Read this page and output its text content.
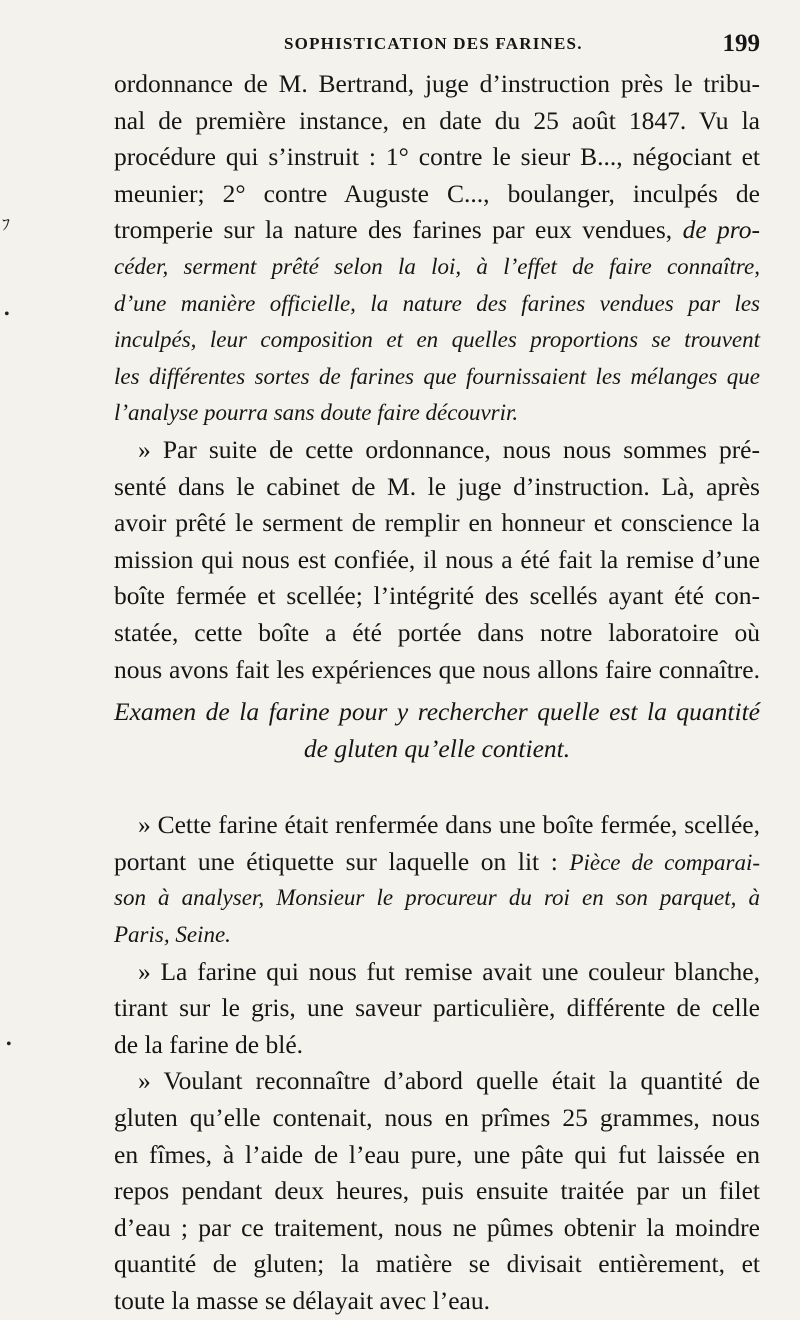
SOPHISTICATION DES FARINES.	199
ﾌ
•
•
ordonnance de M. Bertrand, juge d’instruction près le tribu-
nal de première instance, en date du 25 août 1847. Vu la
procédure qui s’instruit : 1° contre le sieur B..., négociant et
meunier; 2° contre Auguste C..., boulanger, inculpés de
tromperie sur la nature des farines par eux vendues, de pro-
céder, serment prêté selon la loi, à l’effet de faire connaître,
d’une manière officielle, la nature des farines vendues par les
inculpés, leur composition et en quelles proportions se trouvent
les différentes sortes de farines que fournissaient les mélanges que
l’analyse pourra sans doute faire découvrir.
» Par suite de cette ordonnance, nous nous sommes pré-
senté dans le cabinet de M. le juge d’instruction. Là, après
avoir prêté le serment de remplir en honneur et conscience la
mission qui nous est confiée, il nous a été fait la remise d’une
boîte fermée et scellée; l’intégrité des scellés ayant été con-
statée, cette boîte a été portée dans notre laboratoire où
nous avons fait les expériences que nous allons faire connaître.
Examen de la farine pour y rechercher quelle est la quantité
de gluten qu’elle contient.
» Cette farine était renfermée dans une boîte fermée, scellée,
portant une étiquette sur laquelle on lit : Pièce de comparai-
son à analyser, Monsieur le procureur du roi en son parquet, à
Paris, Seine.
» La farine qui nous fut remise avait une couleur blanche,
tirant sur le gris, une saveur particulière, différente de celle
de la farine de blé.
» Voulant reconnaître d’abord quelle était la quantité de
gluten qu’elle contenait, nous en prîmes 25 grammes, nous
en fîmes, à l’aide de l’eau pure, une pâte qui fut laissée en
repos pendant deux heures, puis ensuite traitée par un filet
d’eau ; par ce traitement, nous ne pûmes obtenir la moindre
quantité de gluten; la matière se divisait entièrement, et
toute la masse se délayait avec l’eau.
